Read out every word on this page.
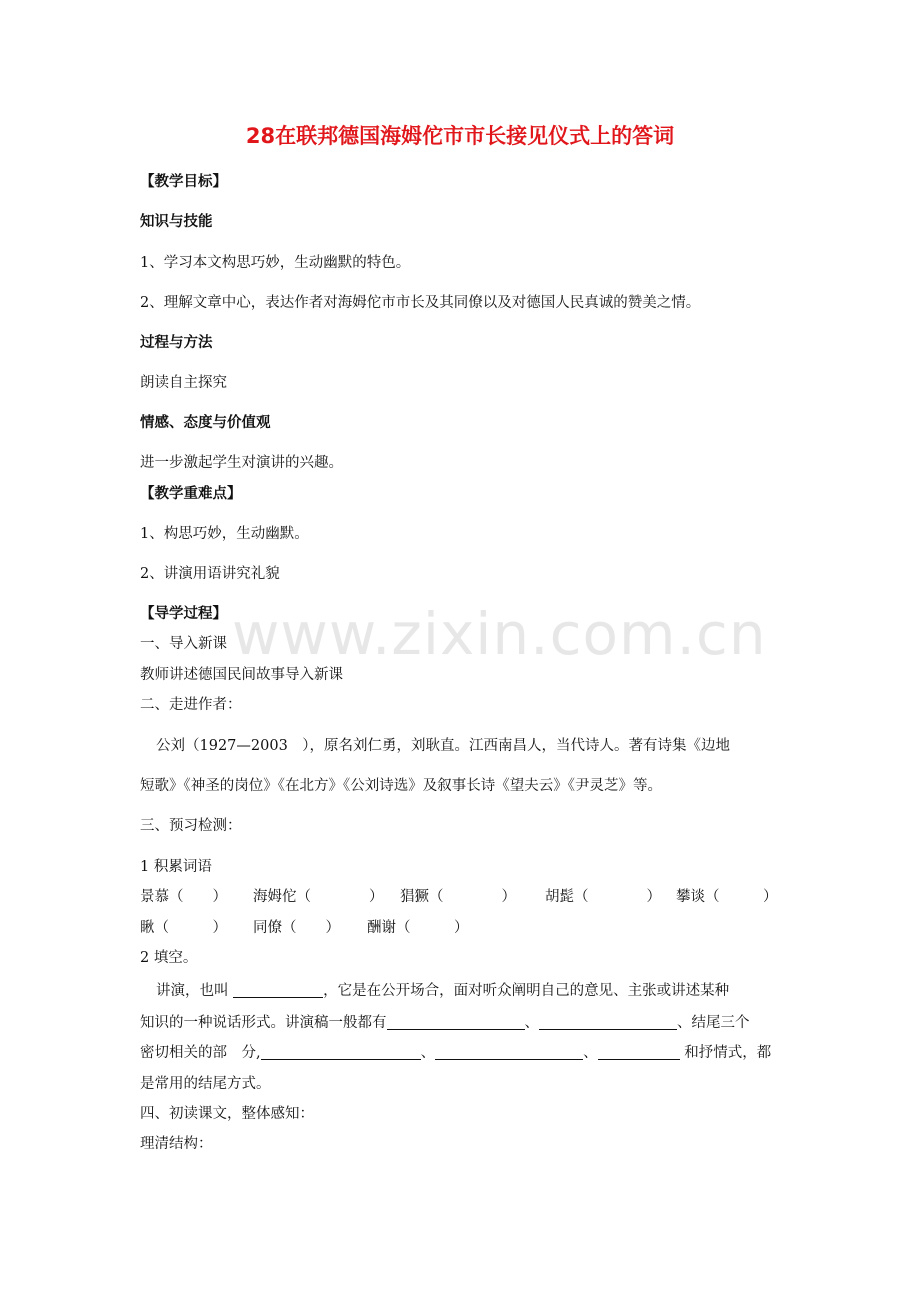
www.zixin.com.cn
28在联邦德国海姆佗市市长接见仪式上的答词
【教学目标】
知识与技能
1、学习本文构思巧妙，生动幽默的特色。
2、理解文章中心，表达作者对海姆佗市市长及其同僚以及对德国人民真诚的赞美之情。
过程与方法
朗读自主探究
情感、态度与价值观
进一步激起学生对演讲的兴趣。
【教学重难点】
1、构思巧妙，生动幽默。
2、讲演用语讲究礼貌
【导学过程】
一、导入新课
教师讲述德国民间故事导入新课
二、走进作者：
公刘（1927—2003　），原名刘仁勇，刘耿直。江西南昌人，当代诗人。著有诗集《边地
短歌》《神圣的岗位》《在北方》《公刘诗选》及叙事长诗《望夫云》《尹灵芝》等。
三、预习检测：
1 积累词语
景慕（　　） 海姆佗（　　　　） 猖獗（　　　　） 胡髭（　　　　） 攀谈（　　　）
瞅（　　　） 同僚（　　） 酬谢（　　　）
2 填空。
讲演，也叫	，它是在公开场合，面对听众阐明自己的意见、主张或讲述某种
知识的一种说话形式。讲演稿一般都有	、	、结尾三个
密切相关的部　分,	、	、	和抒情式，都
是常用的结尾方式。
四、初读课文，整体感知：
理清结构：
